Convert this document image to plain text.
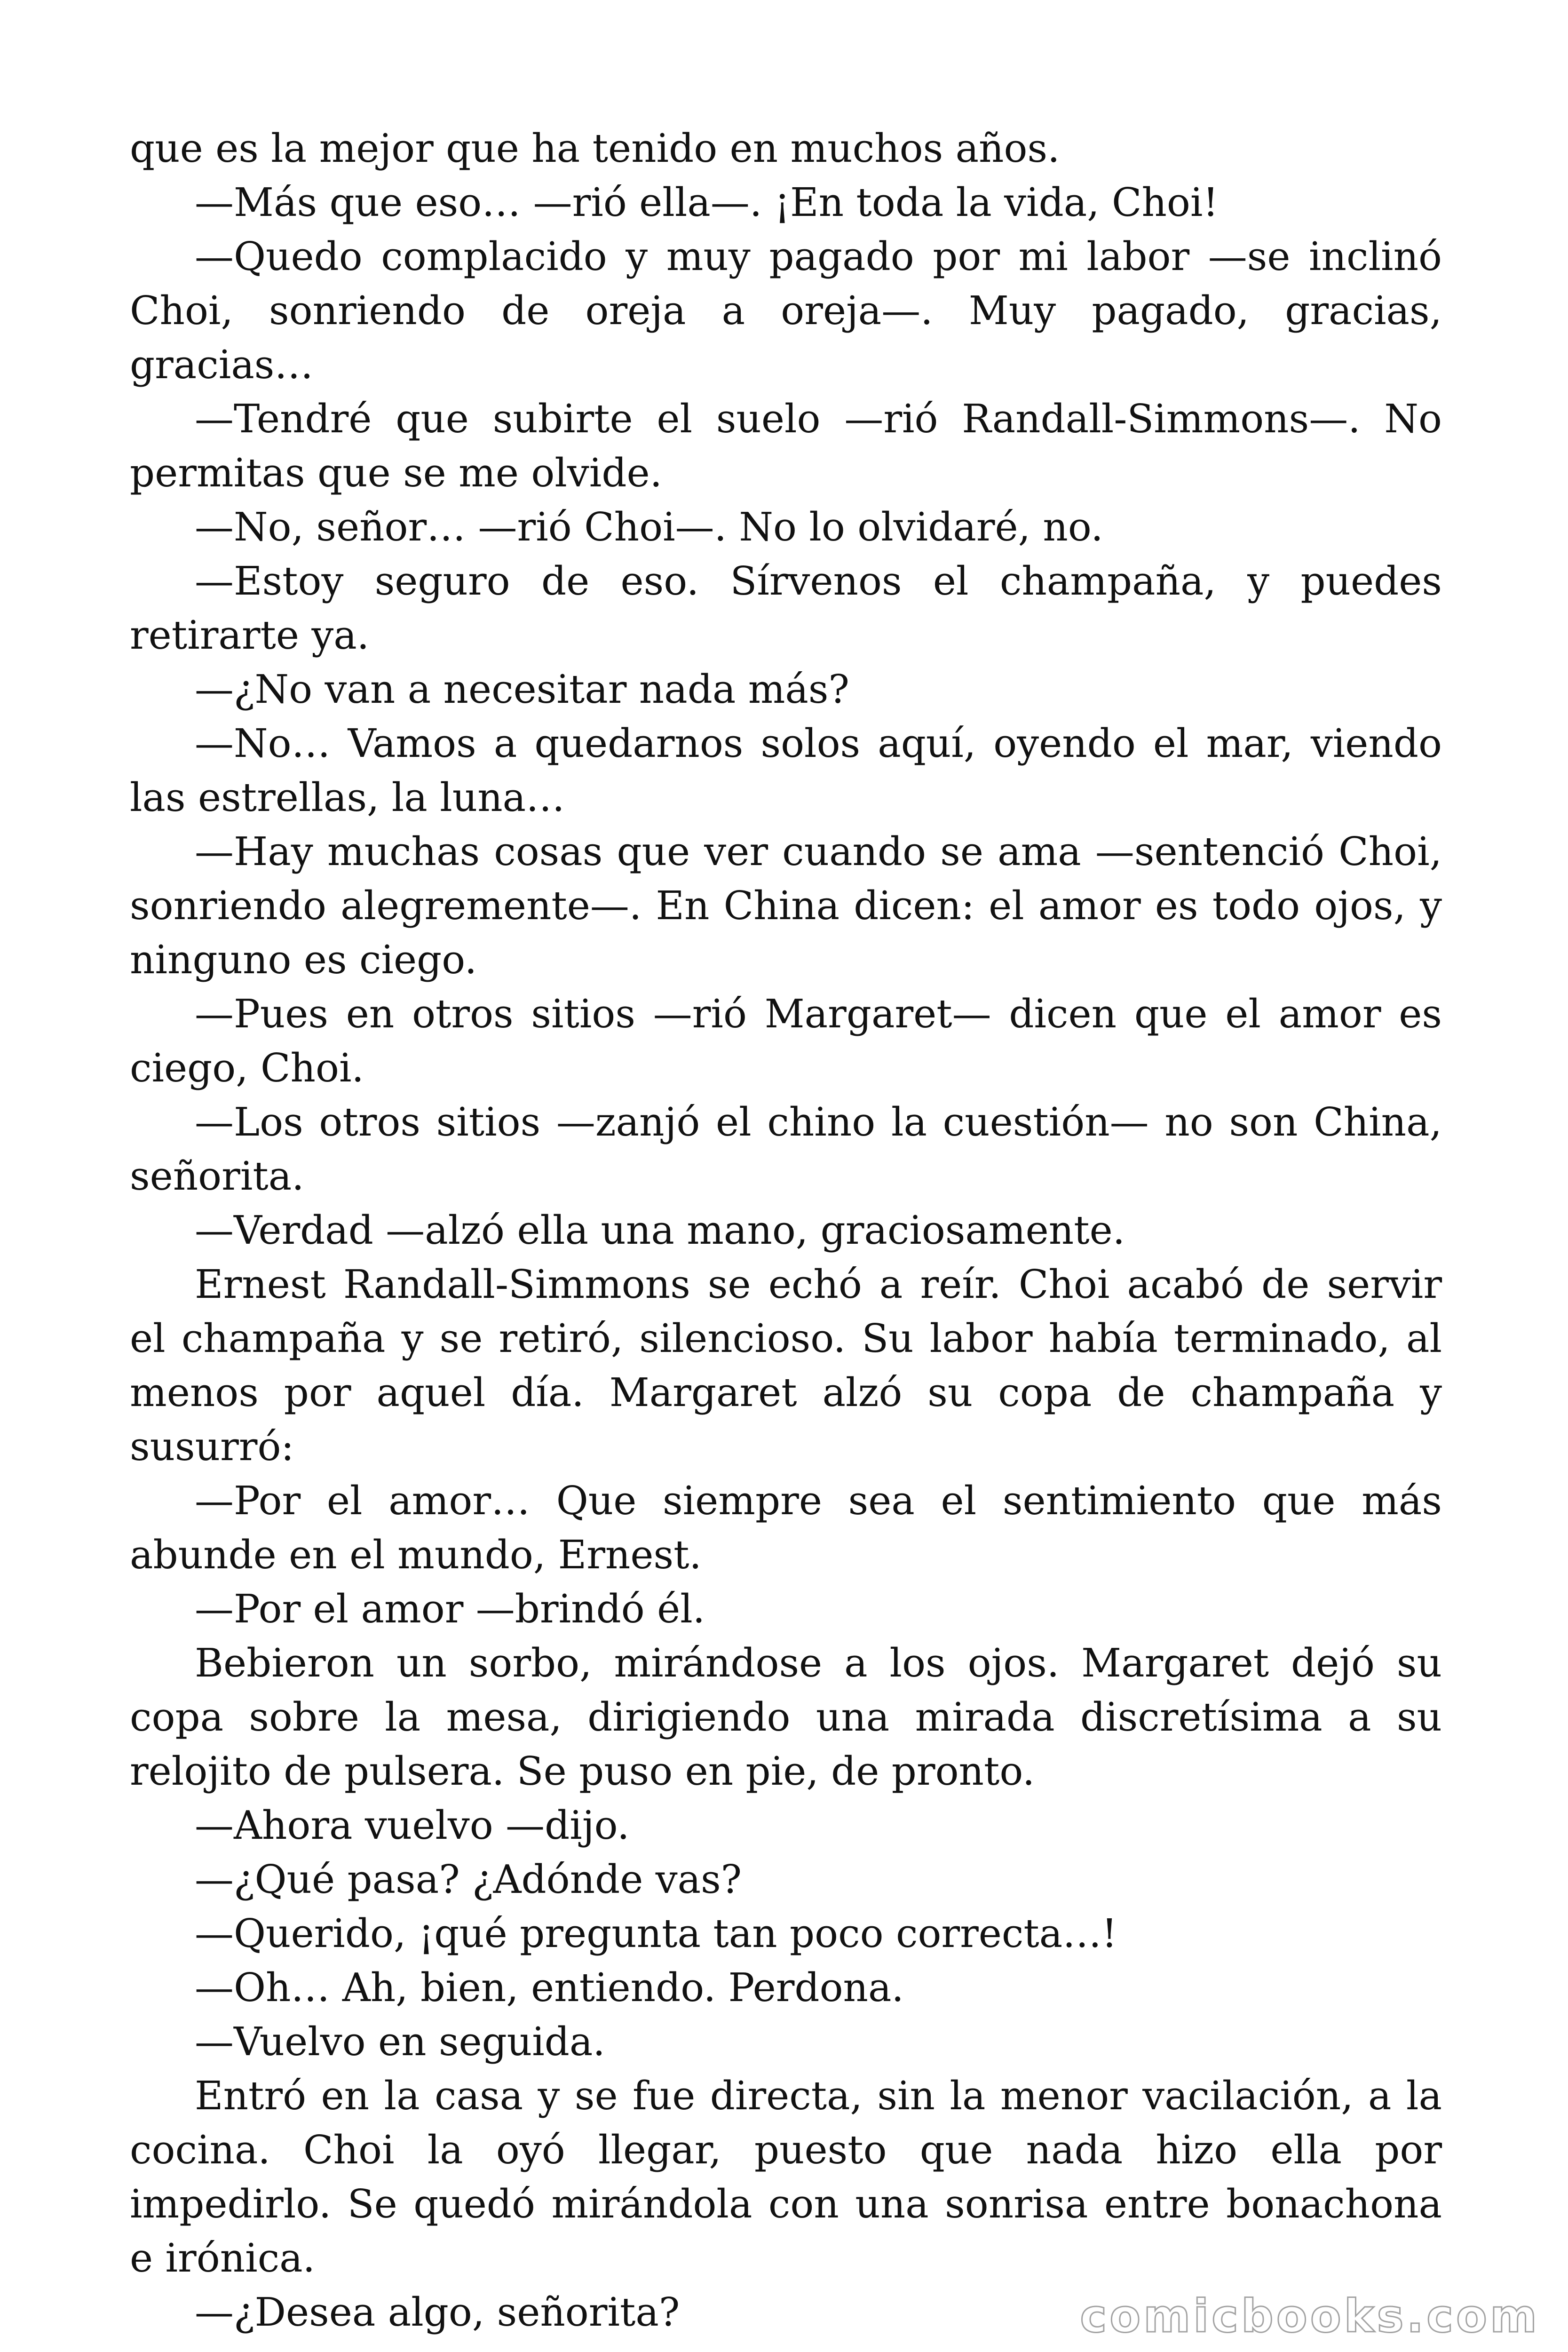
que es la mejor que ha tenido en muchos años.

—Más que eso… —rió ella—. ¡En toda la vida, Choi!

—Quedo complacido y muy pagado por mi labor —se inclinó Choi, sonriendo de oreja a oreja—. Muy pagado, gracias, gracias…

—Tendré que subirte el suelo —rió Randall-Simmons—. No permitas que se me olvide.

—No, señor… —rió Choi—. No lo olvidaré, no.

—Estoy seguro de eso. Sírvenos el champaña, y puedes retirarte ya.

—¿No van a necesitar nada más?

—No… Vamos a quedarnos solos aquí, oyendo el mar, viendo las estrellas, la luna…

—Hay muchas cosas que ver cuando se ama —sentenció Choi, sonriendo alegremente—. En China dicen: el amor es todo ojos, y ninguno es ciego.

—Pues en otros sitios —rió Margaret— dicen que el amor es ciego, Choi.

—Los otros sitios —zanjó el chino la cuestión— no son China, señorita.

—Verdad —alzó ella una mano, graciosamente.

Ernest Randall-Simmons se echó a reír. Choi acabó de servir el champaña y se retiró, silencioso. Su labor había terminado, al menos por aquel día. Margaret alzó su copa de champaña y susurró:

—Por el amor… Que siempre sea el sentimiento que más abunde en el mundo, Ernest.

—Por el amor —brindó él.

Bebieron un sorbo, mirándose a los ojos. Margaret dejó su copa sobre la mesa, dirigiendo una mirada discretísima a su relojito de pulsera. Se puso en pie, de pronto.

—Ahora vuelvo —dijo.

—¿Qué pasa? ¿Adónde vas?

—Querido, ¡qué pregunta tan poco correcta…!

—Oh… Ah, bien, entiendo. Perdona.

—Vuelvo en seguida.

Entró en la casa y se fue directa, sin la menor vacilación, a la cocina. Choi la oyó llegar, puesto que nada hizo ella por impedirlo. Se quedó mirándola con una sonrisa entre bonachona e irónica.

—¿Desea algo, señorita?	comicbooks.com
